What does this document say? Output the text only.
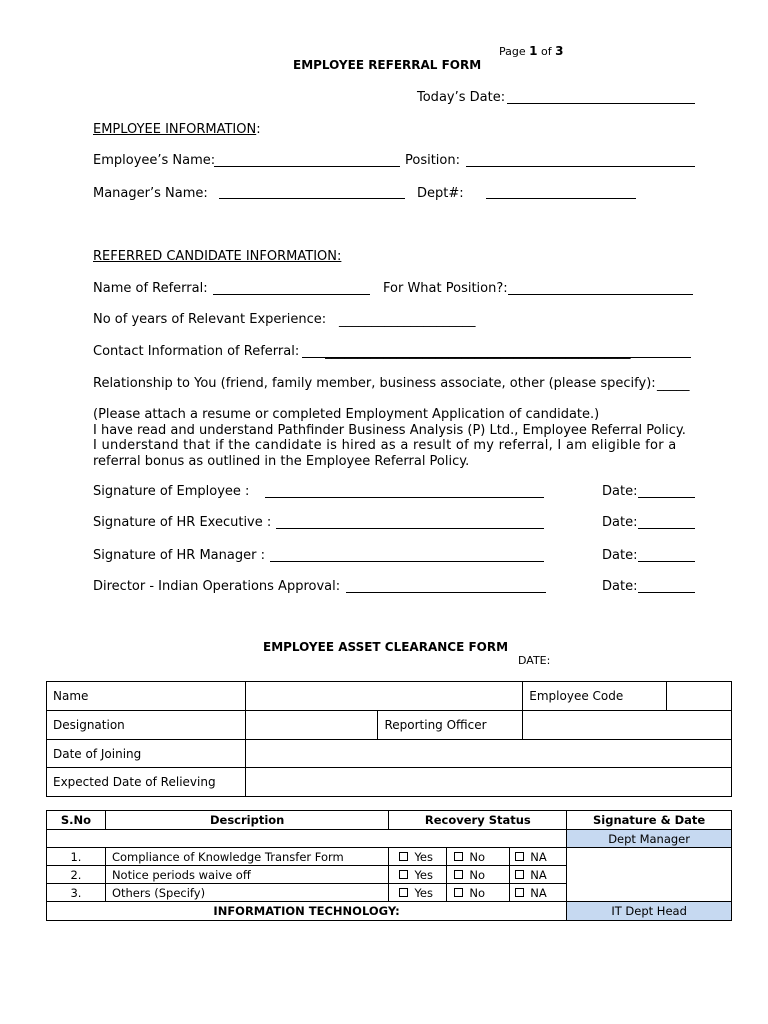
Page 1 of 3
EMPLOYEE REFERRAL FORM
Today’s Date:
EMPLOYEE INFORMATION:
Employee’s Name:	Position:
Manager’s Name:	Dept#:
REFERRED CANDIDATE INFORMATION:
Name of Referral:	For What Position?:
No of years of Relevant Experience: _____________________
Contact Information of Referral: _______________________________________________
Relationship to You (friend, family member, business associate, other (please specify): _____
(Please attach a resume or completed Employment Application of candidate.)
I have read and understand Pathfinder Business Analysis (P) Ltd., Employee Referral Policy.
I understand that if the candidate is hired as a result of my referral, I am eligible for a
referral bonus as outlined in the Employee Referral Policy.
Signature of Employee :	Date:
Signature of HR Executive :	Date:
Signature of HR Manager :	Date:
Director - Indian Operations Approval:	Date:
EMPLOYEE ASSET CLEARANCE FORM
DATE:
Name			Employee Code	
Designation		Reporting Officer		
Date of Joining				
Expected Date of Relieving				
S.No	Description	Recovery Status			Signature & Date
					Dept Manager
1.	Compliance of Knowledge Transfer Form	Yes	No	NA	
2.	Notice periods waive off	Yes	No	NA	
3.	Others (Specify)	Yes	No	NA	
INFORMATION TECHNOLOGY:					IT Dept Head
